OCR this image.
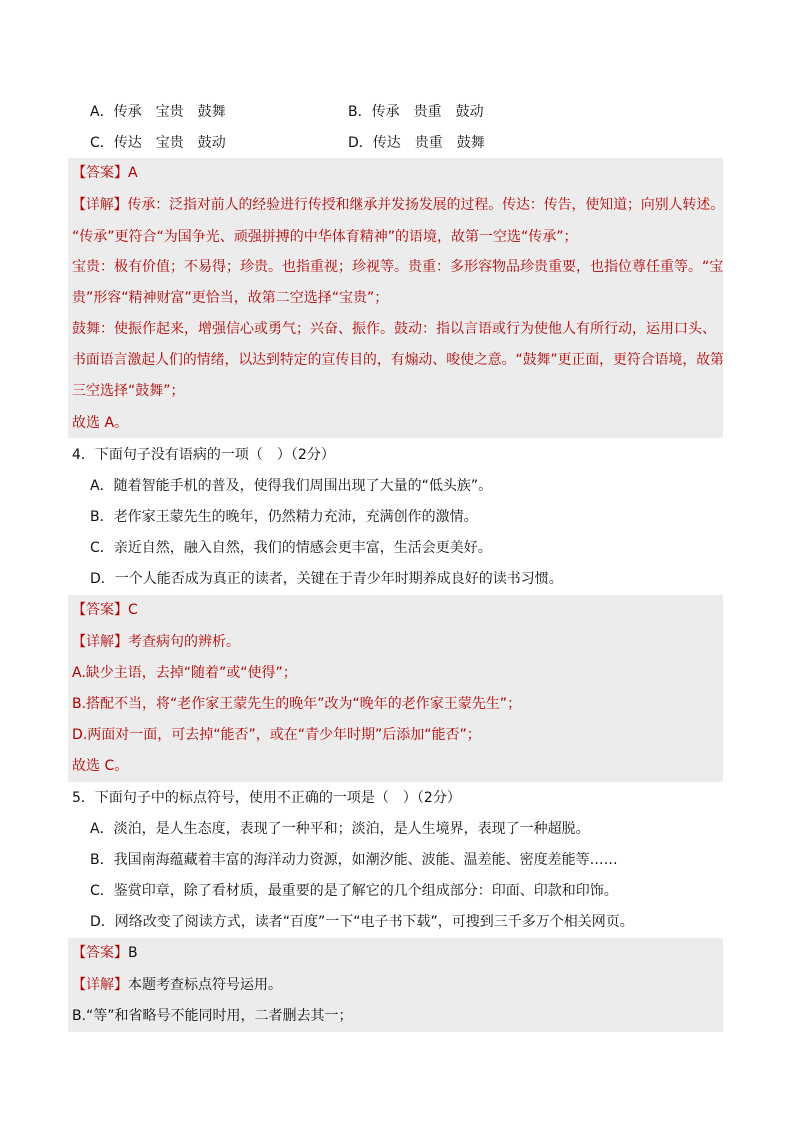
A．传承　宝贵　鼓舞	B．传承　贵重　鼓动
C．传达　宝贵　鼓动	D．传达　贵重　鼓舞
【答案】A
【详解】传承：泛指对前人的经验进行传授和继承并发扬发展的过程。传达：传告，使知道；向别人转述。
“传承”更符合“为国争光、顽强拼搏的中华体育精神”的语境，故第一空选“传承”；
宝贵：极有价值；不易得；珍贵。也指重视；珍视等。贵重：多形容物品珍贵重要，也指位尊任重等。“宝
贵”形容“精神财富”更恰当，故第二空选择“宝贵”；
鼓舞：使振作起来，增强信心或勇气；兴奋、振作。鼓动：指以言语或行为使他人有所行动，运用口头、
书面语言激起人们的情绪，以达到特定的宣传目的，有煽动、唆使之意。“鼓舞”更正面，更符合语境，故第
三空选择“鼓舞”；
故选 A。
4．下面句子没有语病的一项（　）（2分）
A．随着智能手机的普及，使得我们周围出现了大量的“低头族”。
B．老作家王蒙先生的晚年，仍然精力充沛，充满创作的激情。
C．亲近自然，融入自然，我们的情感会更丰富，生活会更美好。
D．一个人能否成为真正的读者，关键在于青少年时期养成良好的读书习惯。
【答案】C
【详解】考查病句的辨析。
A.缺少主语，去掉“随着”或“使得”；
B.搭配不当，将“老作家王蒙先生的晚年”改为“晚年的老作家王蒙先生”；
D.两面对一面，可去掉“能否”，或在“青少年时期”后添加“能否”；
故选 C。
5．下面句子中的标点符号，使用不正确的一项是（　）（2分）
A．淡泊，是人生态度，表现了一种平和；淡泊，是人生境界，表现了一种超脱。
B．我国南海蕴藏着丰富的海洋动力资源，如潮汐能、波能、温差能、密度差能等……
C．鉴赏印章，除了看材质，最重要的是了解它的几个组成部分：印面、印款和印饰。
D．网络改变了阅读方式，读者“百度”一下“电子书下载”，可搜到三千多万个相关网页。
【答案】B
【详解】本题考查标点符号运用。
B.“等”和省略号不能同时用，二者删去其一；
